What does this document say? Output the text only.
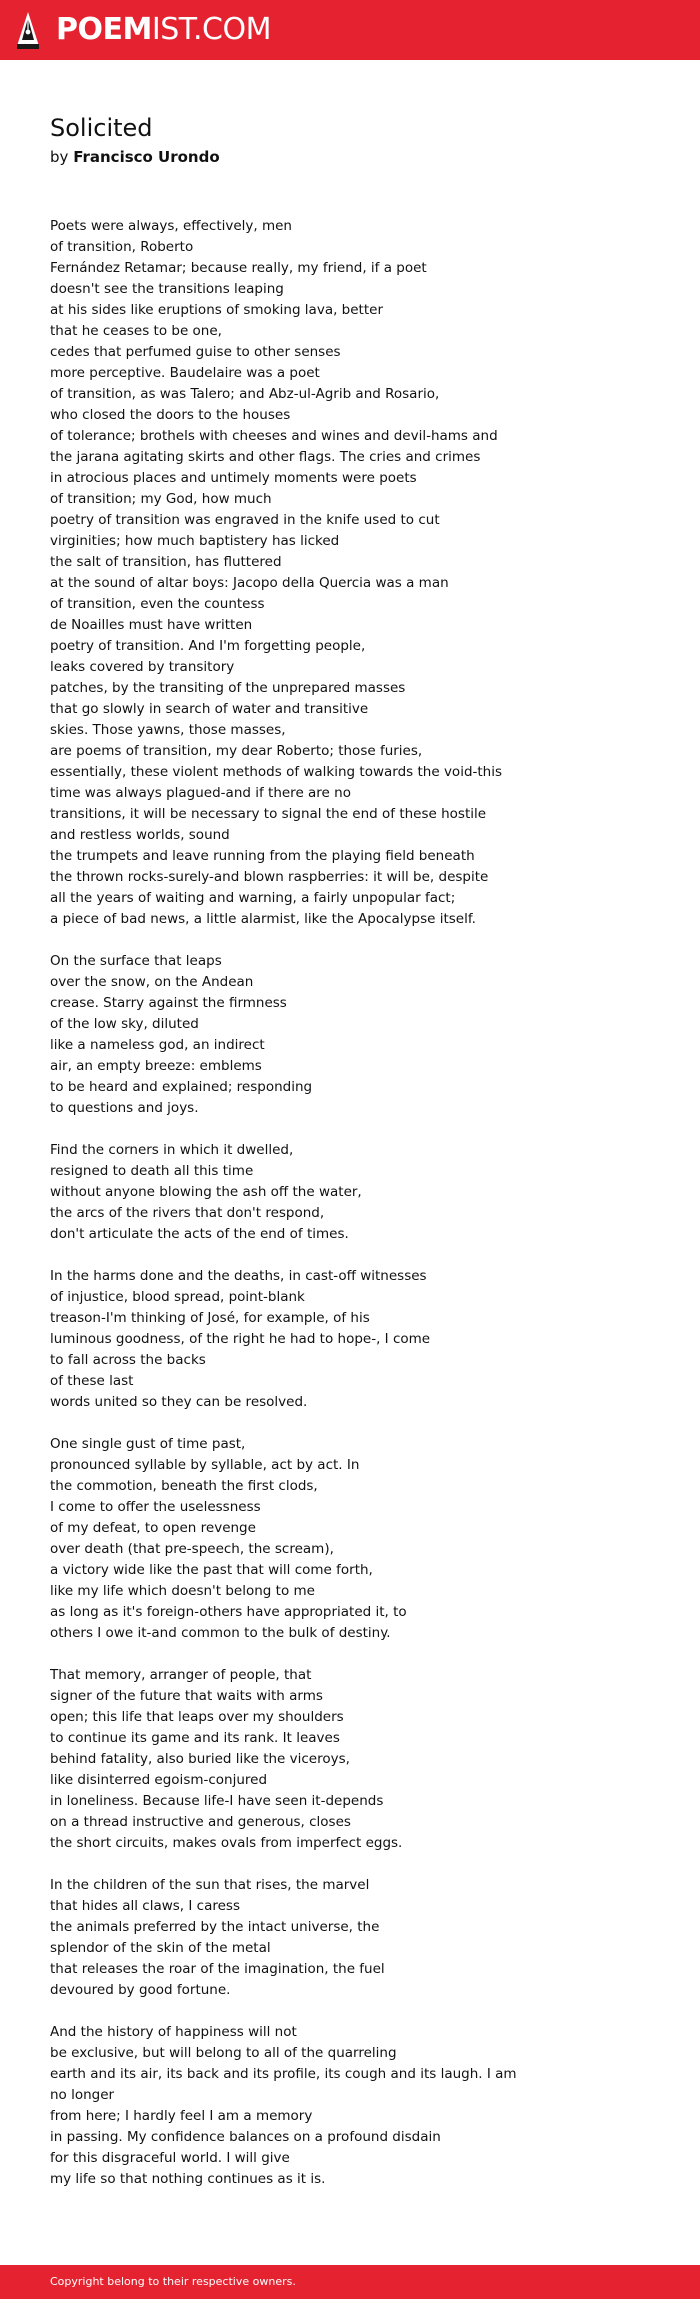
POEMIST.COM
Solicited
by Francisco Urondo
Poets were always, effectively, men
of transition, Roberto
Fernández Retamar; because really, my friend, if a poet
doesn't see the transitions leaping
at his sides like eruptions of smoking lava, better
that he ceases to be one,
cedes that perfumed guise to other senses
more perceptive. Baudelaire was a poet
of transition, as was Talero; and Abz-ul-Agrib and Rosario,
who closed the doors to the houses
of tolerance; brothels with cheeses and wines and devil-hams and
the jarana agitating skirts and other flags. The cries and crimes
in atrocious places and untimely moments were poets
of transition; my God, how much
poetry of transition was engraved in the knife used to cut
virginities; how much baptistery has licked
the salt of transition, has fluttered
at the sound of altar boys: Jacopo della Quercia was a man
of transition, even the countess
de Noailles must have written
poetry of transition. And I'm forgetting people,
leaks covered by transitory
patches, by the transiting of the unprepared masses
that go slowly in search of water and transitive
skies. Those yawns, those masses,
are poems of transition, my dear Roberto; those furies,
essentially, these violent methods of walking towards the void-this
time was always plagued-and if there are no
transitions, it will be necessary to signal the end of these hostile
and restless worlds, sound
the trumpets and leave running from the playing field beneath
the thrown rocks-surely-and blown raspberries: it will be, despite
all the years of waiting and warning, a fairly unpopular fact;
a piece of bad news, a little alarmist, like the Apocalypse itself.
On the surface that leaps
over the snow, on the Andean
crease. Starry against the firmness
of the low sky, diluted
like a nameless god, an indirect
air, an empty breeze: emblems
to be heard and explained; responding
to questions and joys.
Find the corners in which it dwelled,
resigned to death all this time
without anyone blowing the ash off the water,
the arcs of the rivers that don't respond,
don't articulate the acts of the end of times.
In the harms done and the deaths, in cast-off witnesses
of injustice, blood spread, point-blank
treason-I'm thinking of José, for example, of his
luminous goodness, of the right he had to hope-, I come
to fall across the backs
of these last
words united so they can be resolved.
One single gust of time past,
pronounced syllable by syllable, act by act. In
the commotion, beneath the first clods,
I come to offer the uselessness
of my defeat, to open revenge
over death (that pre-speech, the scream),
a victory wide like the past that will come forth,
like my life which doesn't belong to me
as long as it's foreign-others have appropriated it, to
others I owe it-and common to the bulk of destiny.
That memory, arranger of people, that
signer of the future that waits with arms
open; this life that leaps over my shoulders
to continue its game and its rank. It leaves
behind fatality, also buried like the viceroys,
like disinterred egoism-conjured
in loneliness. Because life-I have seen it-depends
on a thread instructive and generous, closes
the short circuits, makes ovals from imperfect eggs.
In the children of the sun that rises, the marvel
that hides all claws, I caress
the animals preferred by the intact universe, the
splendor of the skin of the metal
that releases the roar of the imagination, the fuel
devoured by good fortune.
And the history of happiness will not
be exclusive, but will belong to all of the quarreling
earth and its air, its back and its profile, its cough and its laugh. I am
no longer
from here; I hardly feel I am a memory
in passing. My confidence balances on a profound disdain
for this disgraceful world. I will give
my life so that nothing continues as it is.
Copyright belong to their respective owners.
